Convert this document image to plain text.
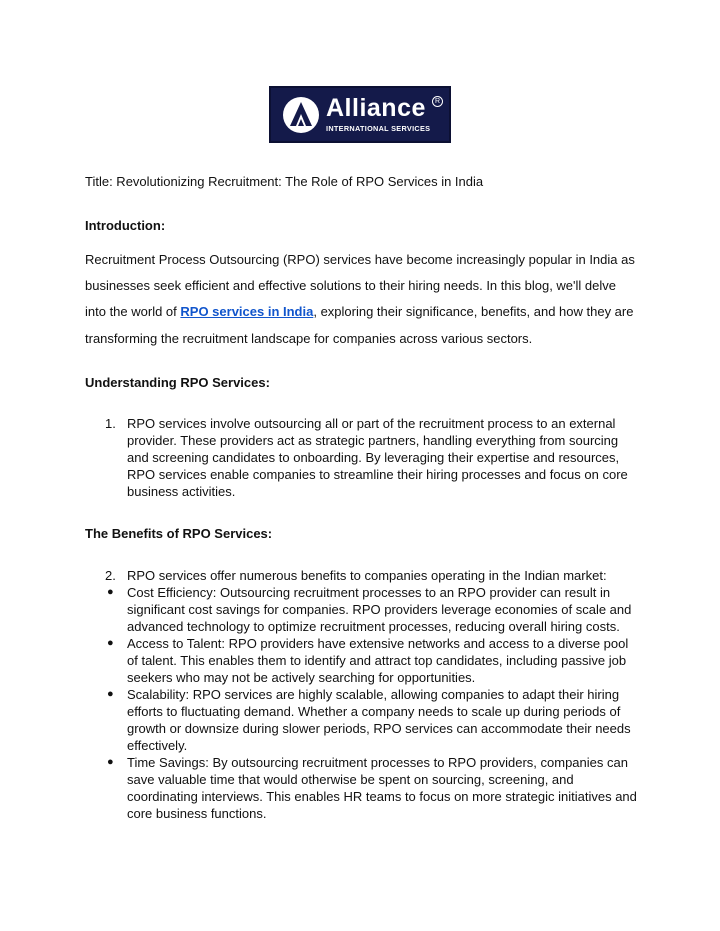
Alliance	R
INTERNATIONAL SERVICES

Title: Revolutionizing Recruitment: The Role of RPO Services in India

Introduction:

Recruitment Process Outsourcing (RPO) services have become increasingly popular in India as

businesses seek efficient and effective solutions to their hiring needs. In this blog, we'll delve

into the world of RPO services in India, exploring their significance, benefits, and how they are

transforming the recruitment landscape for companies across various sectors.

Understanding RPO Services:

1. RPO services involve outsourcing all or part of the recruitment process to an external
provider. These providers act as strategic partners, handling everything from sourcing
and screening candidates to onboarding. By leveraging their expertise and resources,
RPO services enable companies to streamline their hiring processes and focus on core
business activities.

The Benefits of RPO Services:

2. RPO services offer numerous benefits to companies operating in the Indian market:
●	Cost Efficiency: Outsourcing recruitment processes to an RPO provider can result in
significant cost savings for companies. RPO providers leverage economies of scale and
advanced technology to optimize recruitment processes, reducing overall hiring costs.
●	Access to Talent: RPO providers have extensive networks and access to a diverse pool
of talent. This enables them to identify and attract top candidates, including passive job
seekers who may not be actively searching for opportunities.
●	Scalability: RPO services are highly scalable, allowing companies to adapt their hiring
efforts to fluctuating demand. Whether a company needs to scale up during periods of
growth or downsize during slower periods, RPO services can accommodate their needs
effectively.
●	Time Savings: By outsourcing recruitment processes to RPO providers, companies can
save valuable time that would otherwise be spent on sourcing, screening, and
coordinating interviews. This enables HR teams to focus on more strategic initiatives and
core business functions.
